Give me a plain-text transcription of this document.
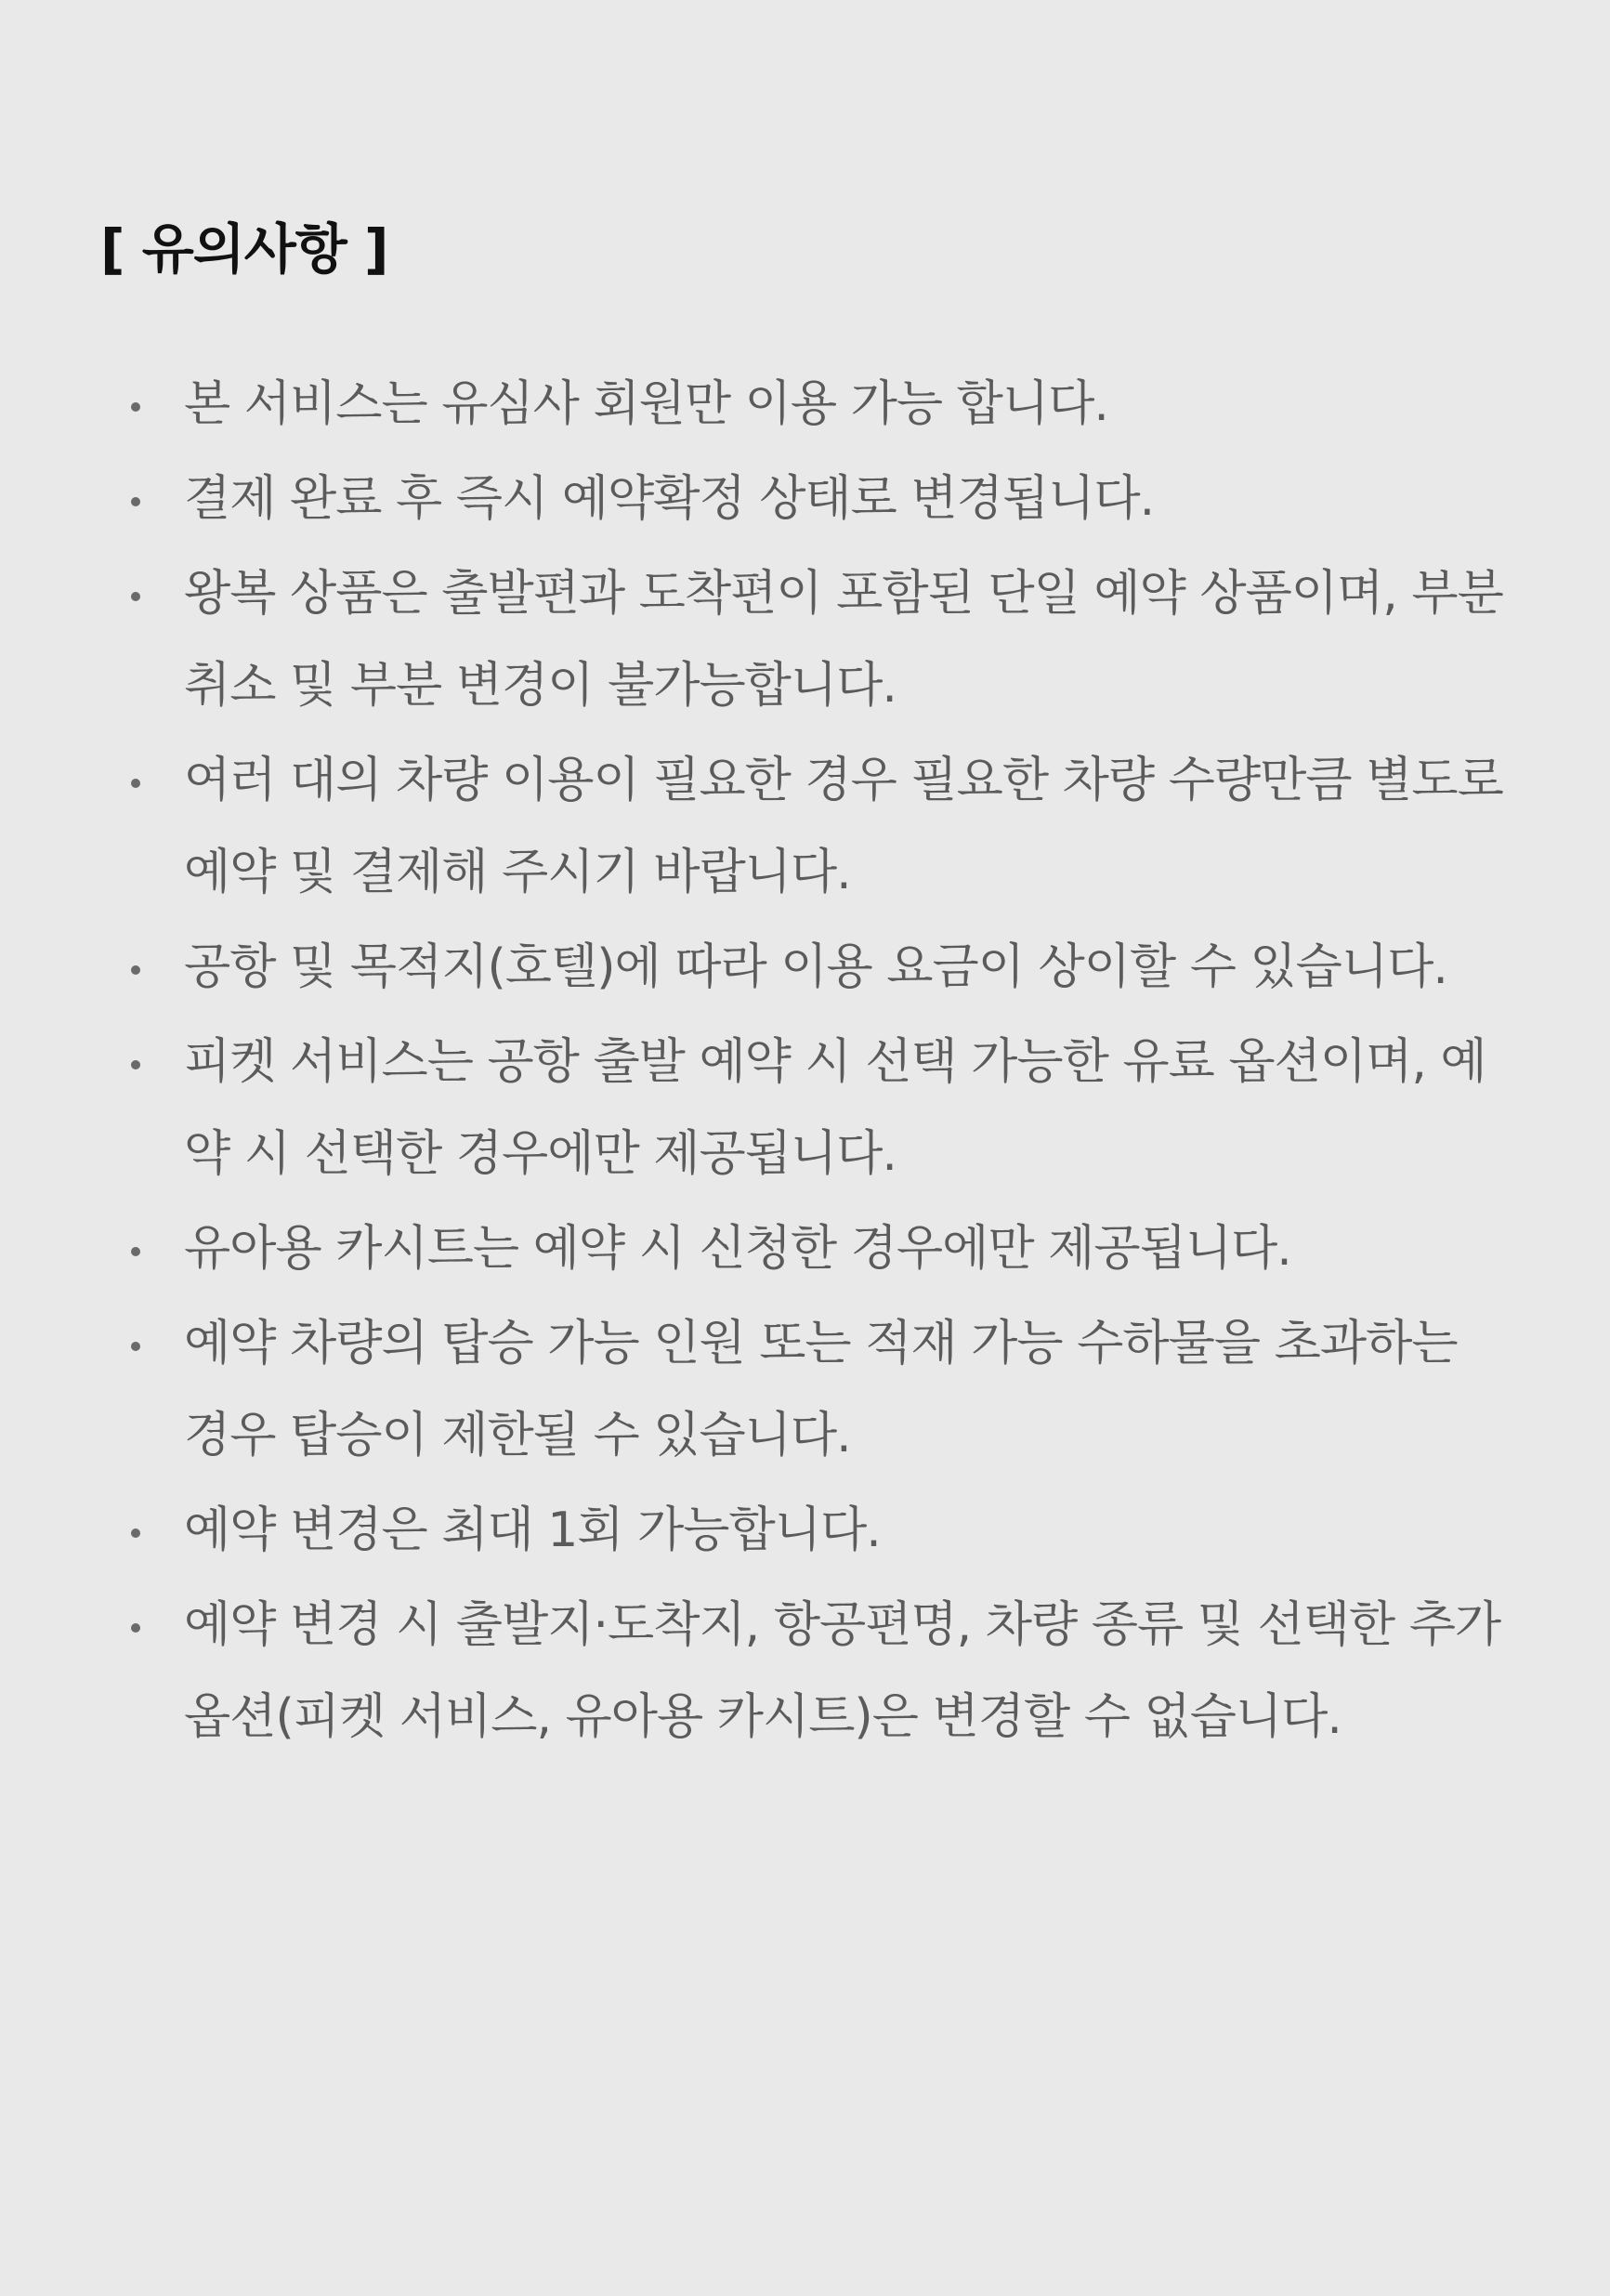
[ 유의사항 ]
본 서비스는 유심사 회원만 이용 가능 합니다.
결제 완료 후 즉시 예약확정 상태로 변경됩니다.
왕복 상품은 출발편과 도착편이 포함된 단일 예약 상품이며, 부분 취소 및 부분 변경이 불가능합니다.
여러 대의 차량 이용이 필요한 경우 필요한 차량 수량만큼 별도로 예약 및 결제해 주시기 바랍니다.
공항 및 목적지(호텔)에 따라 이용 요금이 상이할 수 있습니다.
피켓 서비스는 공항 출발 예약 시 선택 가능한 유료 옵션이며, 예약 시 선택한 경우에만 제공됩니다.
유아용 카시트는 예약 시 신청한 경우에만 제공됩니다.
예약 차량의 탑승 가능 인원 또는 적재 가능 수하물을 초과하는 경우 탑승이 제한될 수 있습니다.
예약 변경은 최대 1회 가능합니다.
예약 변경 시 출발지·도착지, 항공편명, 차량 종류 및 선택한 추가 옵션(피켓 서비스, 유아용 카시트)은 변경할 수 없습니다.
